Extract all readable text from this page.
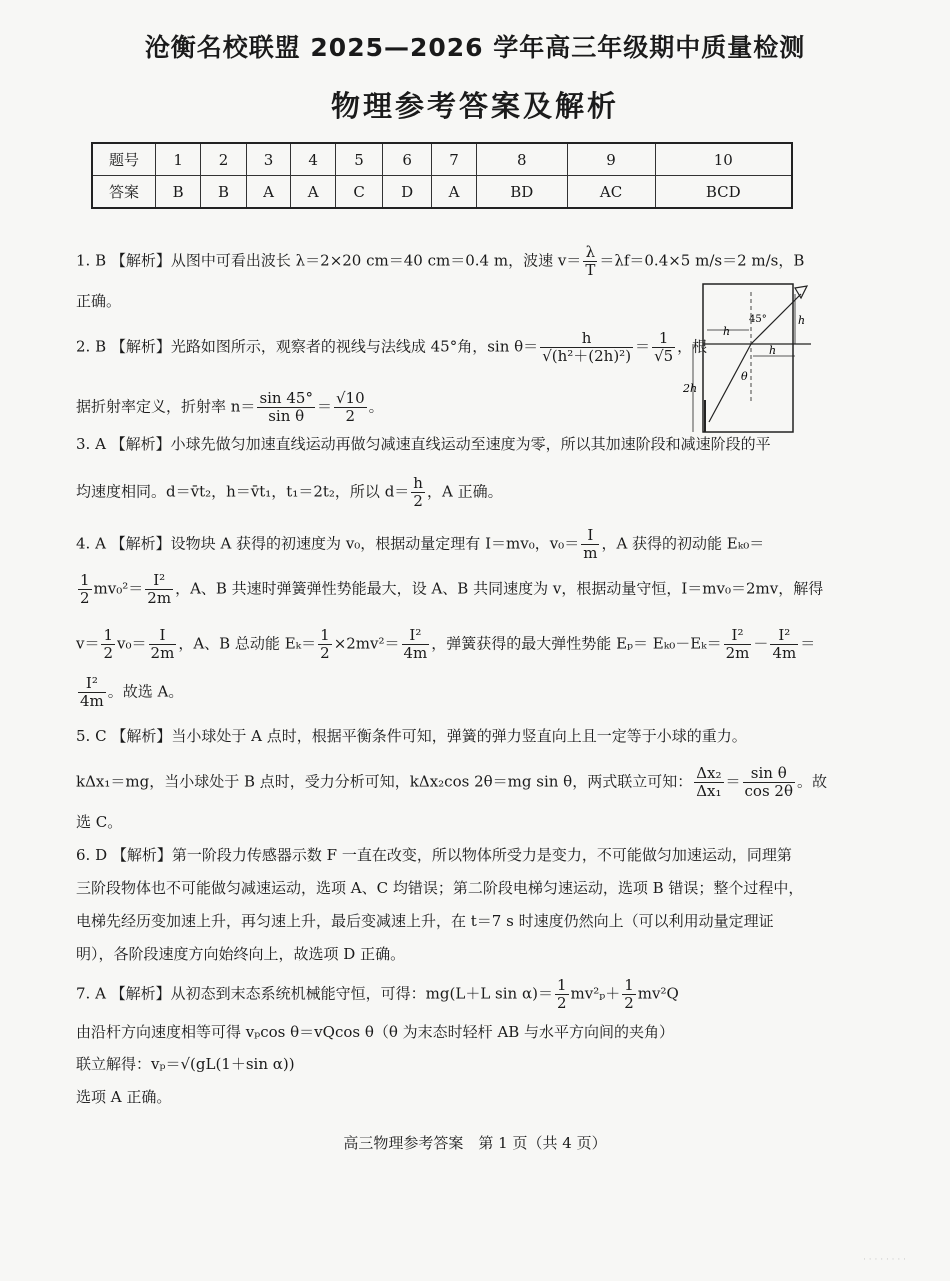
沧衡名校联盟 2025—2026 学年高三年级期中质量检测
物理参考答案及解析
题号	1	2	3	4	5	6	7	8	9	10
答案	B	B	A	A	C	D	A	BD	AC	BCD
1. B 【解析】从图中可看出波长 λ＝2×20 cm＝40 cm＝0.4 m，波速 $v= \frac{\lambda}{T} =\lambda f=0.4\times 5$ m/s＝2 m/s，B
正确。
2. B 【解析】光路如图所示，观察者的视线与法线成 45°角，$\sin \theta= \frac{h}{\text{√(h²＋(2h)²)}} = \frac{1}{√5}$ ，根
据折射率定义，折射率 $n= \frac{\sin 45^\circ}{\text{sin θ}} = \frac{√10}{2}$ 。
h
45°	h
h
2h
θ
3. A 【解析】小球先做匀加速直线运动再做匀减速直线运动至速度为零，所以其加速阶段和减速阶段的平
均速度相同。d＝v̄t₂，h＝v̄t₁，t₁＝2t₂，所以 $d= \frac{h}{2}$ ，A 正确。
4. A 【解析】设物块 A 获得的初速度为 v₀，根据动量定理有 I＝mv₀，$v_0= \frac{I}{m}$ ，A 获得的初动能 Eₖ₀＝
$\frac{1}{2} mv_0^2= \frac{\text{I²}}{2m}$ ，A、B 共速时弹簧弹性势能最大，设 A、B 共同速度为 v，根据动量守恒，I＝mv₀＝2mv，解得
$v= \frac{1}{2} v_0= \frac{I}{2m}$ ，A、B 总动能 $E_k= \frac{1}{2} \times 2mv^2= \frac{\text{I²}}{4m}$ ，弹簧获得的最大弹性势能 $E_p= E_{k0}-E_k= \frac{\text{I²}}{2m} - \frac{\text{I²}}{4m}$ ＝
$\frac{\text{I²}}{4m}$ 。故选 A。
5. C 【解析】当小球处于 A 点时，根据平衡条件可知，弹簧的弹力竖直向上且一定等于小球的重力。
kΔx₁＝mg，当小球处于 B 点时，受力分析可知，kΔx₂cos 2θ＝mg sin θ，两式联立可知： $\frac{\text{Δx₂}}{\text{Δx₁}} = \frac{\text{sin θ}}{\cos 2\theta}$ 。故
选 C。
6. D 【解析】第一阶段力传感器示数 F 一直在改变，所以物体所受力是变力，不可能做匀加速运动，同理第
三阶段物体也不可能做匀减速运动，选项 A、C 均错误；第二阶段电梯匀速运动，选项 B 错误；整个过程中，
电梯先经历变加速上升，再匀速上升，最后变减速上升，在 t＝7 s 时速度仍然向上（可以利用动量定理证
明），各阶段速度方向始终向上，故选项 D 正确。
7. A 【解析】从初态到末态系统机械能守恒，可得：mg(L＋L $\sin \alpha)= \frac{1}{2} mv^2_p+ \frac{1}{2} mv^2Q$
由沿杆方向速度相等可得 vₚcos θ＝vQcos θ（θ 为末态时轻杆 AB 与水平方向间的夹角）
联立解得：vₚ＝√(gL(1＋sin α))
选项 A 正确。
高三物理参考答案　第 1 页（共 4 页）
· · · · · · · ·
